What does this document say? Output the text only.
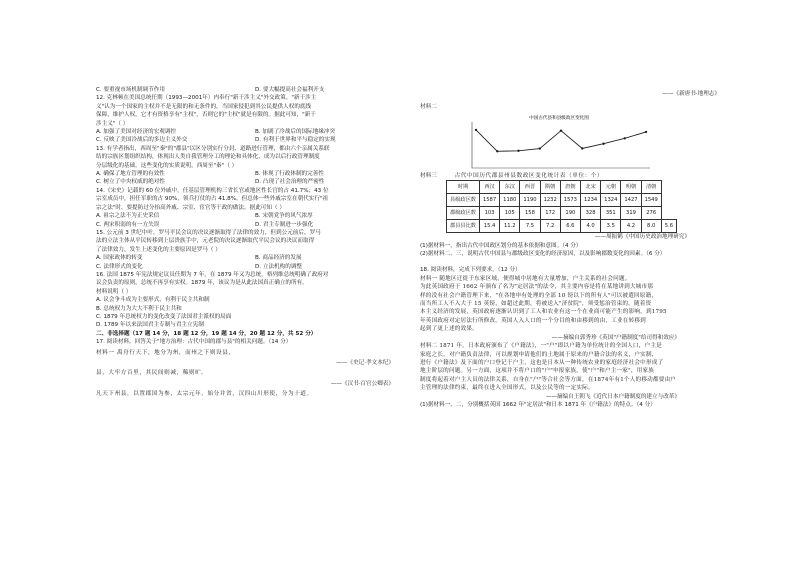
C. 要重视市场机制调节作用	D. 要大幅提高社会福利开支
12. 克林顿在美国总统任期（1993—2001年）内奉行"新干涉主义"外交政策。"新干涉主
义"认为一个国家的主权并不是无限的和无条件的，当国家侵犯到其公民提供人权的底线
保障，维护人权，它才有资格享有"主权"，否则它的"主权"就是有限的。据此可知，"新干
涉主义"（ ）
A. 加强了美国对经济的宏观调控	B. 加剧了冷战后的国际地缘冲突
C. 反映了美国冷战后的多边主义外交	D. 有利于世界和平与稳定的实现
13. 有学者指出，西周至"秦"的"郡县"以区分别实行分封、道路进行管理，都由六个亲属关系联
结的宗族区划组织结构，体现出人类自我管理分工的理论和具体化，成为以后行政管理制度
分层级化的基础。这些变化的实质说明，西周至"秦"（ ）
A. 确保了地方管理的有效性	B. 体现了行政体制的完善性
C. 树立了中央权威的绝对性	D. 凸现了社会治理的严密性
14.《宋史》记载的 60 位外戚中，任基层管理机构三省长官或地区性长官的占 41.7%；43 位
宗室成员中，担任军职的占 90%，领兵打仗的占 41.8%。但总体一些外戚宗室在朝代实行"祖
宗之法"时，要提防过分抬高外戚、宗室、宦官等干政的做法。据此可知（ ）
A. 祖宗之法不为正史采信	B. 宋朝党争的风气浓厚
C. 两宋积弱的有一方失误	D. 君主专制进一步强化
15. 公元前 3 世纪中叶，罗马平民会议的决议逐渐取得了法律的效力，但到公元前后，罗马
法的立法主体从平民转移到上层贵族手中，元老院的决议逐渐取代平民会议的决议而取得
了法律效力，发生上述变化的主要原因是罗马（ ）
A. 国家政体的转变	B. 商品经济的发展
C. 法律形式的变化	D. 立法机构的调整
16. 法国 1875 年宪法规定议员任期为 7 年，在 1879 年又为总统。格列维总统明确了政府对
议会负责的原则，总统不再享有实权。1879 年，该议为是从此法国真正确立的所有。
材料说明（ ）
A. 议会争斗成为主要形式，有利于民主共和制
B. 总统权力为大大不利于民主共和
C. 1879 年总统权力的变化改变了法国君主派权的局面
D. 1789 年以来法国君主专制与君主立宪制
二、非选择题（17 题 14 分，18 题 12 分，19 题 14 分，20 题 12 分，共 52 分）
17. 阅读材料，回答关于"地方治理：古代中国的郡与县"的相关问题。（14 分）
材料一 禹舟行天下，地分为州，而州之下则设县，
——《史记·孝文本纪》
县，大牢方百里，其民间则减，稀则旷。
——《汉书·百官公卿表》
凡天下州县，以置郡国为参，太宗元年，始分并省，汉四山川形使，分为十道。
——《新唐书·地理志》
材料二
中国古代县和县级政区变化图
材料三	古代中国历代郡县州县数政区变化统计表（单位：个）
时期	西汉	东汉	西晋	隋朝	唐朝	北宋	元朝	明朝	清朝	
县级政区数	1587	1180	1190	1232	1573	1234	1324	1427	1549	
郡级政区数	103	105	158	172	190	328	351	319	276	
郡县县比数	15.4	11.2	7.5	7.2	6.6	4.0	3.5	4.2	8.0	5.6
——周振鹤《中国历史政治地理研究》
(1)据材料一，指出古代中国政区划分的基本依据和意图。（4 分）
(2)据材料二、三，说明古代中国县与郡级政区变化的经济原因，以及影响郡数变化的因素。（6 分）
18. 阅读材料，完成下列要求。（12 分）
材料一 随地区迁徙于东家区域，便得城中居地有大量增加，户主关系的社会问题。
为此英国政府于 1662 年颁布了名为"定居法"的法令，其主要内容是将在某地讲到大城市那
样的没有社会户籍管理下来，"在各地申有处理的全部 10 镑以下的所有人"可以被遣回原籍，
而当所工人不入大于 15 英镑，如超过此期，将被送入"济贫院"，须受惩治管束的。随着资
本主义经济的发展，英国政府逐渐认识到了工人和农业有这一个在业商可能产生的影响，到1795
年英国政府对定居法行所修改。英国人入人口的一个分目的和由移到的由，工业在转移到
起到了更上述的效果。
——摘编自郭秀珍《英国"户籍制度"给司得和效应》
材料二 1871 年，日本政府颁布了《户籍法》，一"户"即以户籍为单位统计的全国人口，户主是
家庭之长，对户籍负责法律，可以规划申请他们的土地属于原来的户籍合法的名义，户实制，
进行《户籍法》及下面的户口登记于户主，这也是日本从一种传统农业的家庭经济社会中形成了
地主阶层的问题。另一方面，这项并不将户口的"户"申报家族，使"户"和户主一家"，用家族
制度将起着对户主人员的法律关系，自身在"户"等合社会等方面，在1874年有1个人的移动都要由户
主管理的法律约束，最终在进入全国形式，以及公民等的一定实际。
——摘编自王朝飞《近代日本户籍制度的建立与改革》
(1)据材料一、二，分别概括英国 1662 年"定居法"和日本 1871 年《户籍法》的特点。（4 分）
